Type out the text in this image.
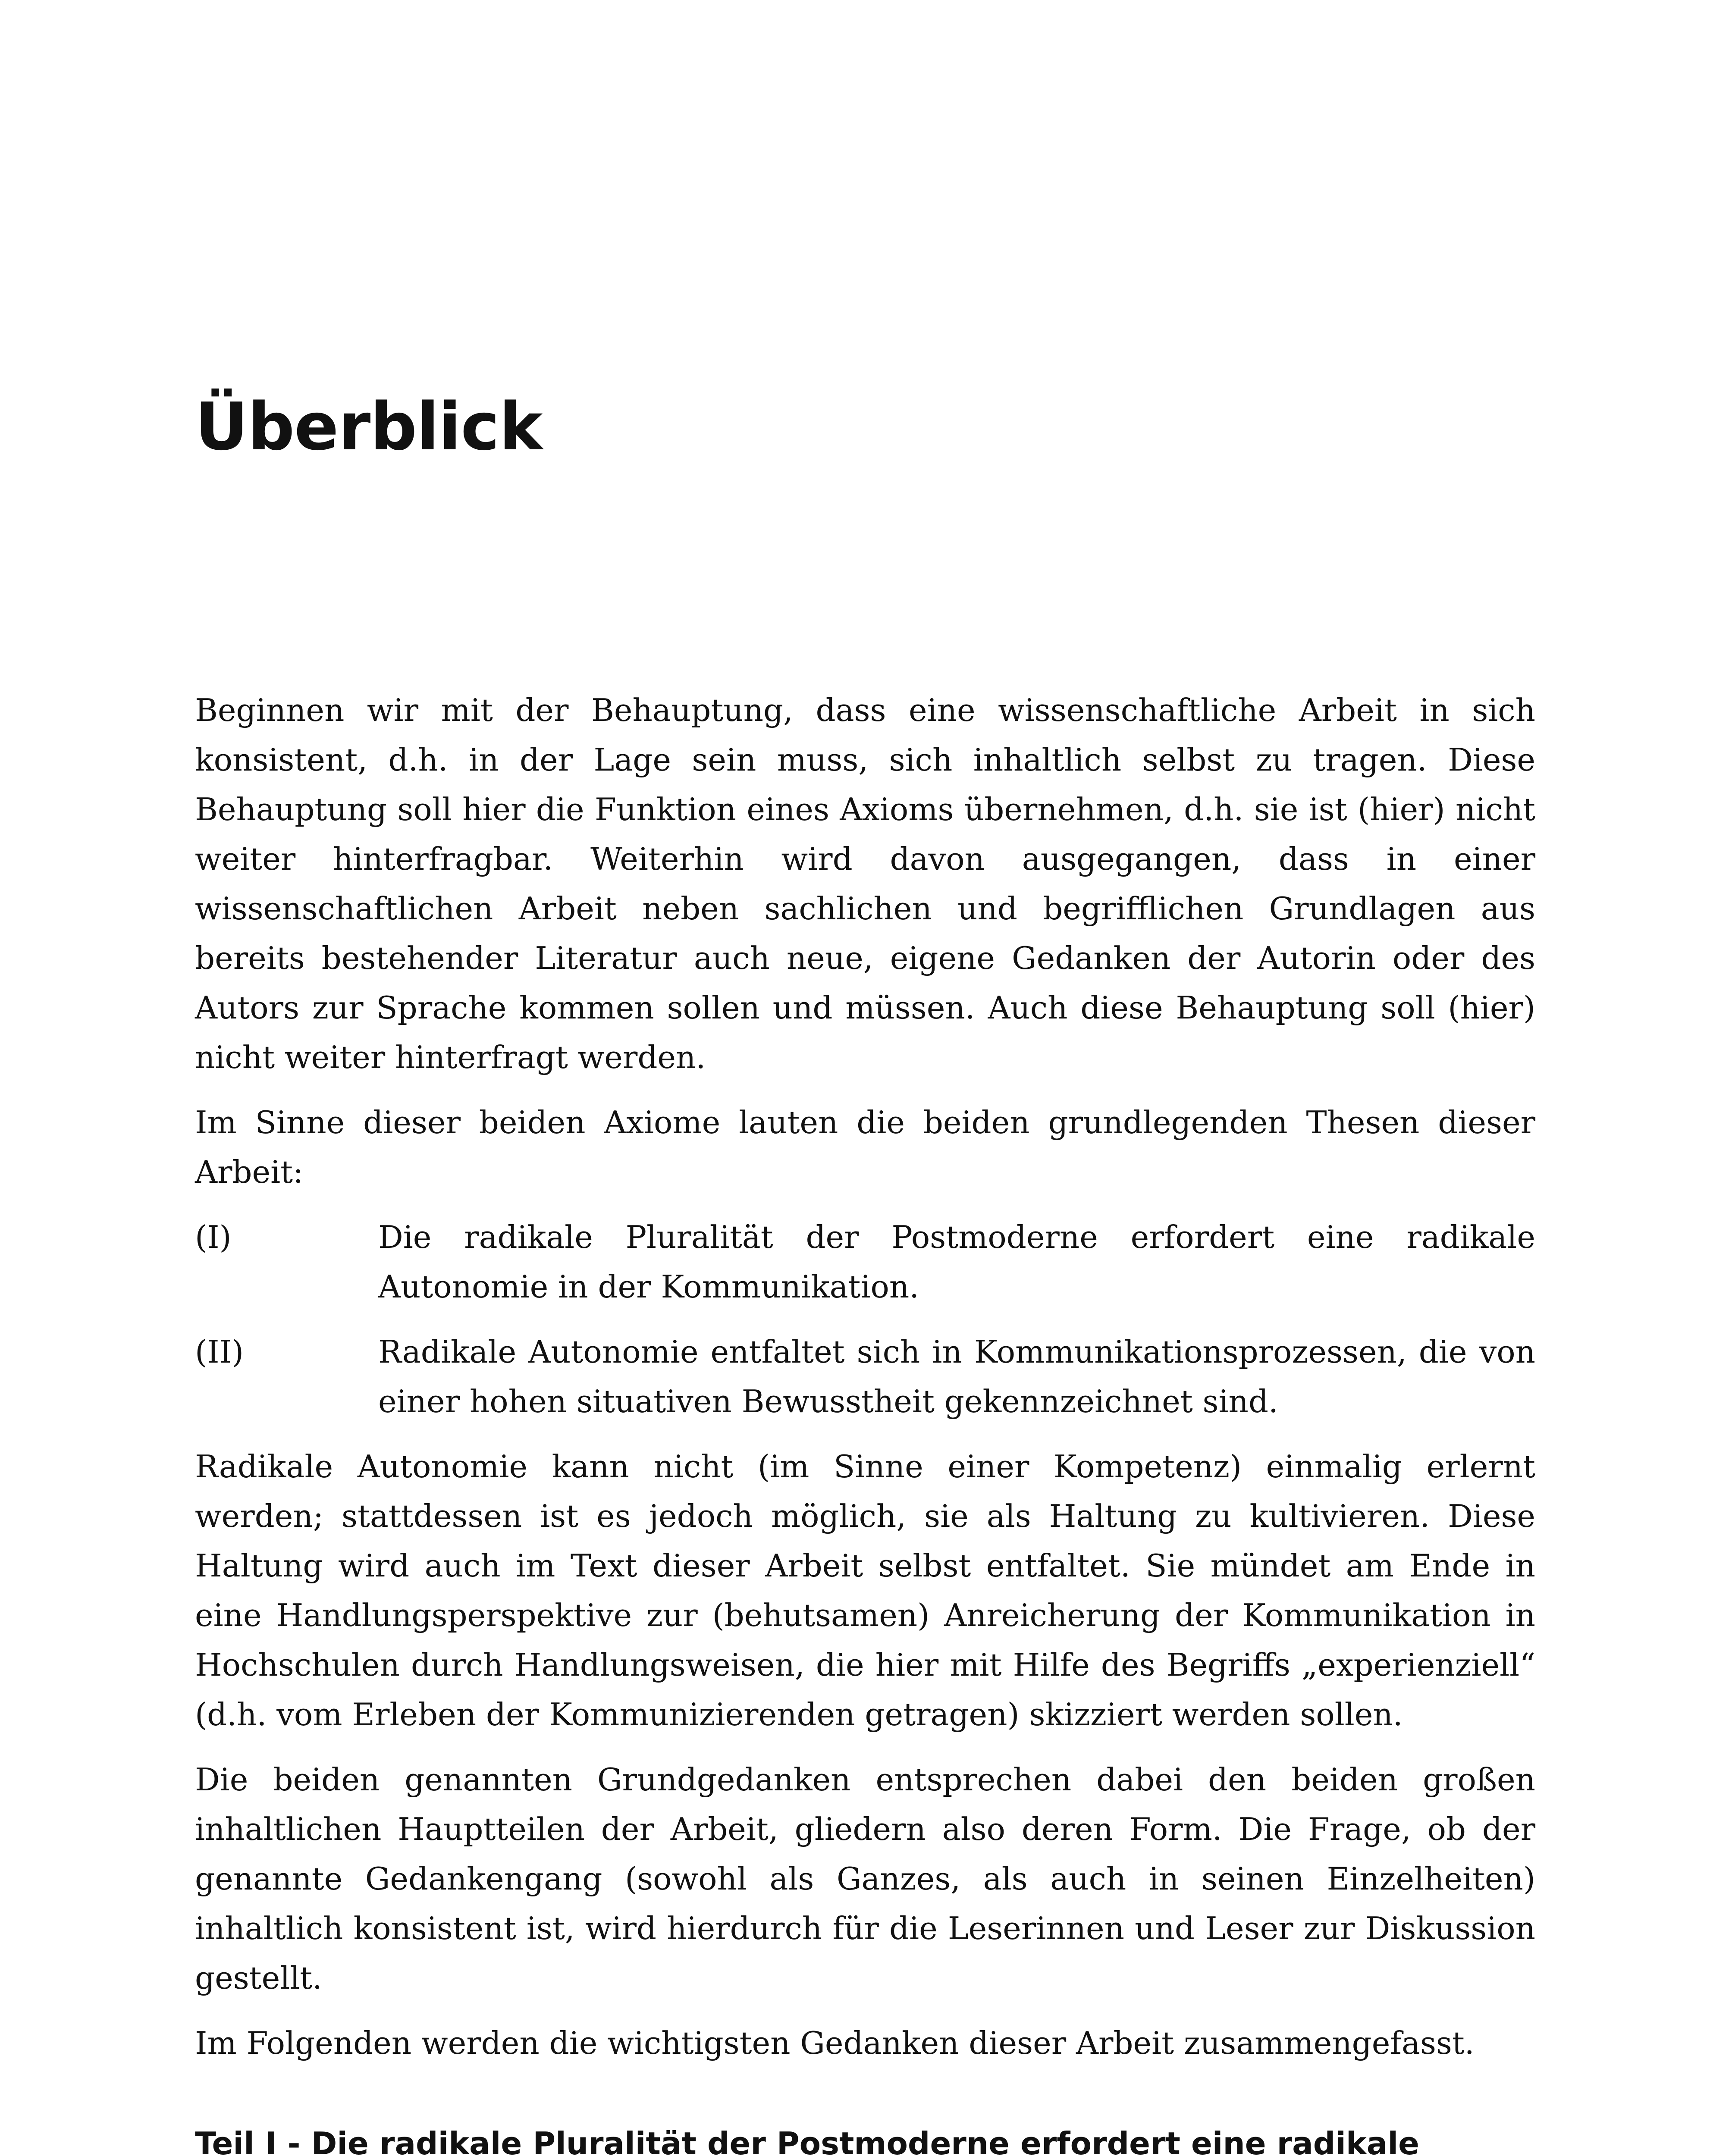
Überblick

Beginnen wir mit der Behauptung, dass eine wissenschaftliche Arbeit in sich konsistent, d.h. in der Lage sein muss, sich inhaltlich selbst zu tragen. Diese Behauptung soll hier die Funktion eines Axioms übernehmen, d.h. sie ist (hier) nicht weiter hinterfragbar. Weiterhin wird davon ausgegangen, dass in einer wissenschaftlichen Arbeit neben sachlichen und begrifflichen Grundlagen aus bereits bestehender Literatur auch neue, eigene Gedanken der Autorin oder des Autors zur Sprache kommen sollen und müssen. Auch diese Behauptung soll (hier) nicht weiter hinterfragt werden.

Im Sinne dieser beiden Axiome lauten die beiden grundlegenden Thesen dieser Arbeit:

(I)	Die radikale Pluralität der Postmoderne erfordert eine radikale Autonomie in der Kommunikation.
(II)	Radikale Autonomie entfaltet sich in Kommunikationsprozessen, die von einer hohen situativen Bewusstheit gekennzeichnet sind.

Radikale Autonomie kann nicht (im Sinne einer Kompetenz) einmalig erlernt werden; stattdessen ist es jedoch möglich, sie als Haltung zu kultivieren. Diese Haltung wird auch im Text dieser Arbeit selbst entfaltet. Sie mündet am Ende in eine Handlungsperspektive zur (behutsamen) Anreicherung der Kommunikation in Hochschulen durch Handlungsweisen, die hier mit Hilfe des Begriffs „experienziell“ (d.h. vom Erleben der Kommunizierenden getragen) skizziert werden sollen.

Die beiden genannten Grundgedanken entsprechen dabei den beiden großen inhaltlichen Hauptteilen der Arbeit, gliedern also deren Form. Die Frage, ob der genannte Gedankengang (sowohl als Ganzes, als auch in seinen Einzelheiten) inhaltlich konsistent ist, wird hierdurch für die Leserinnen und Leser zur Diskussion gestellt.

Im Folgenden werden die wichtigsten Gedanken dieser Arbeit zusammengefasst.

Teil I - Die radikale Pluralität der Postmoderne erfordert eine radikale
